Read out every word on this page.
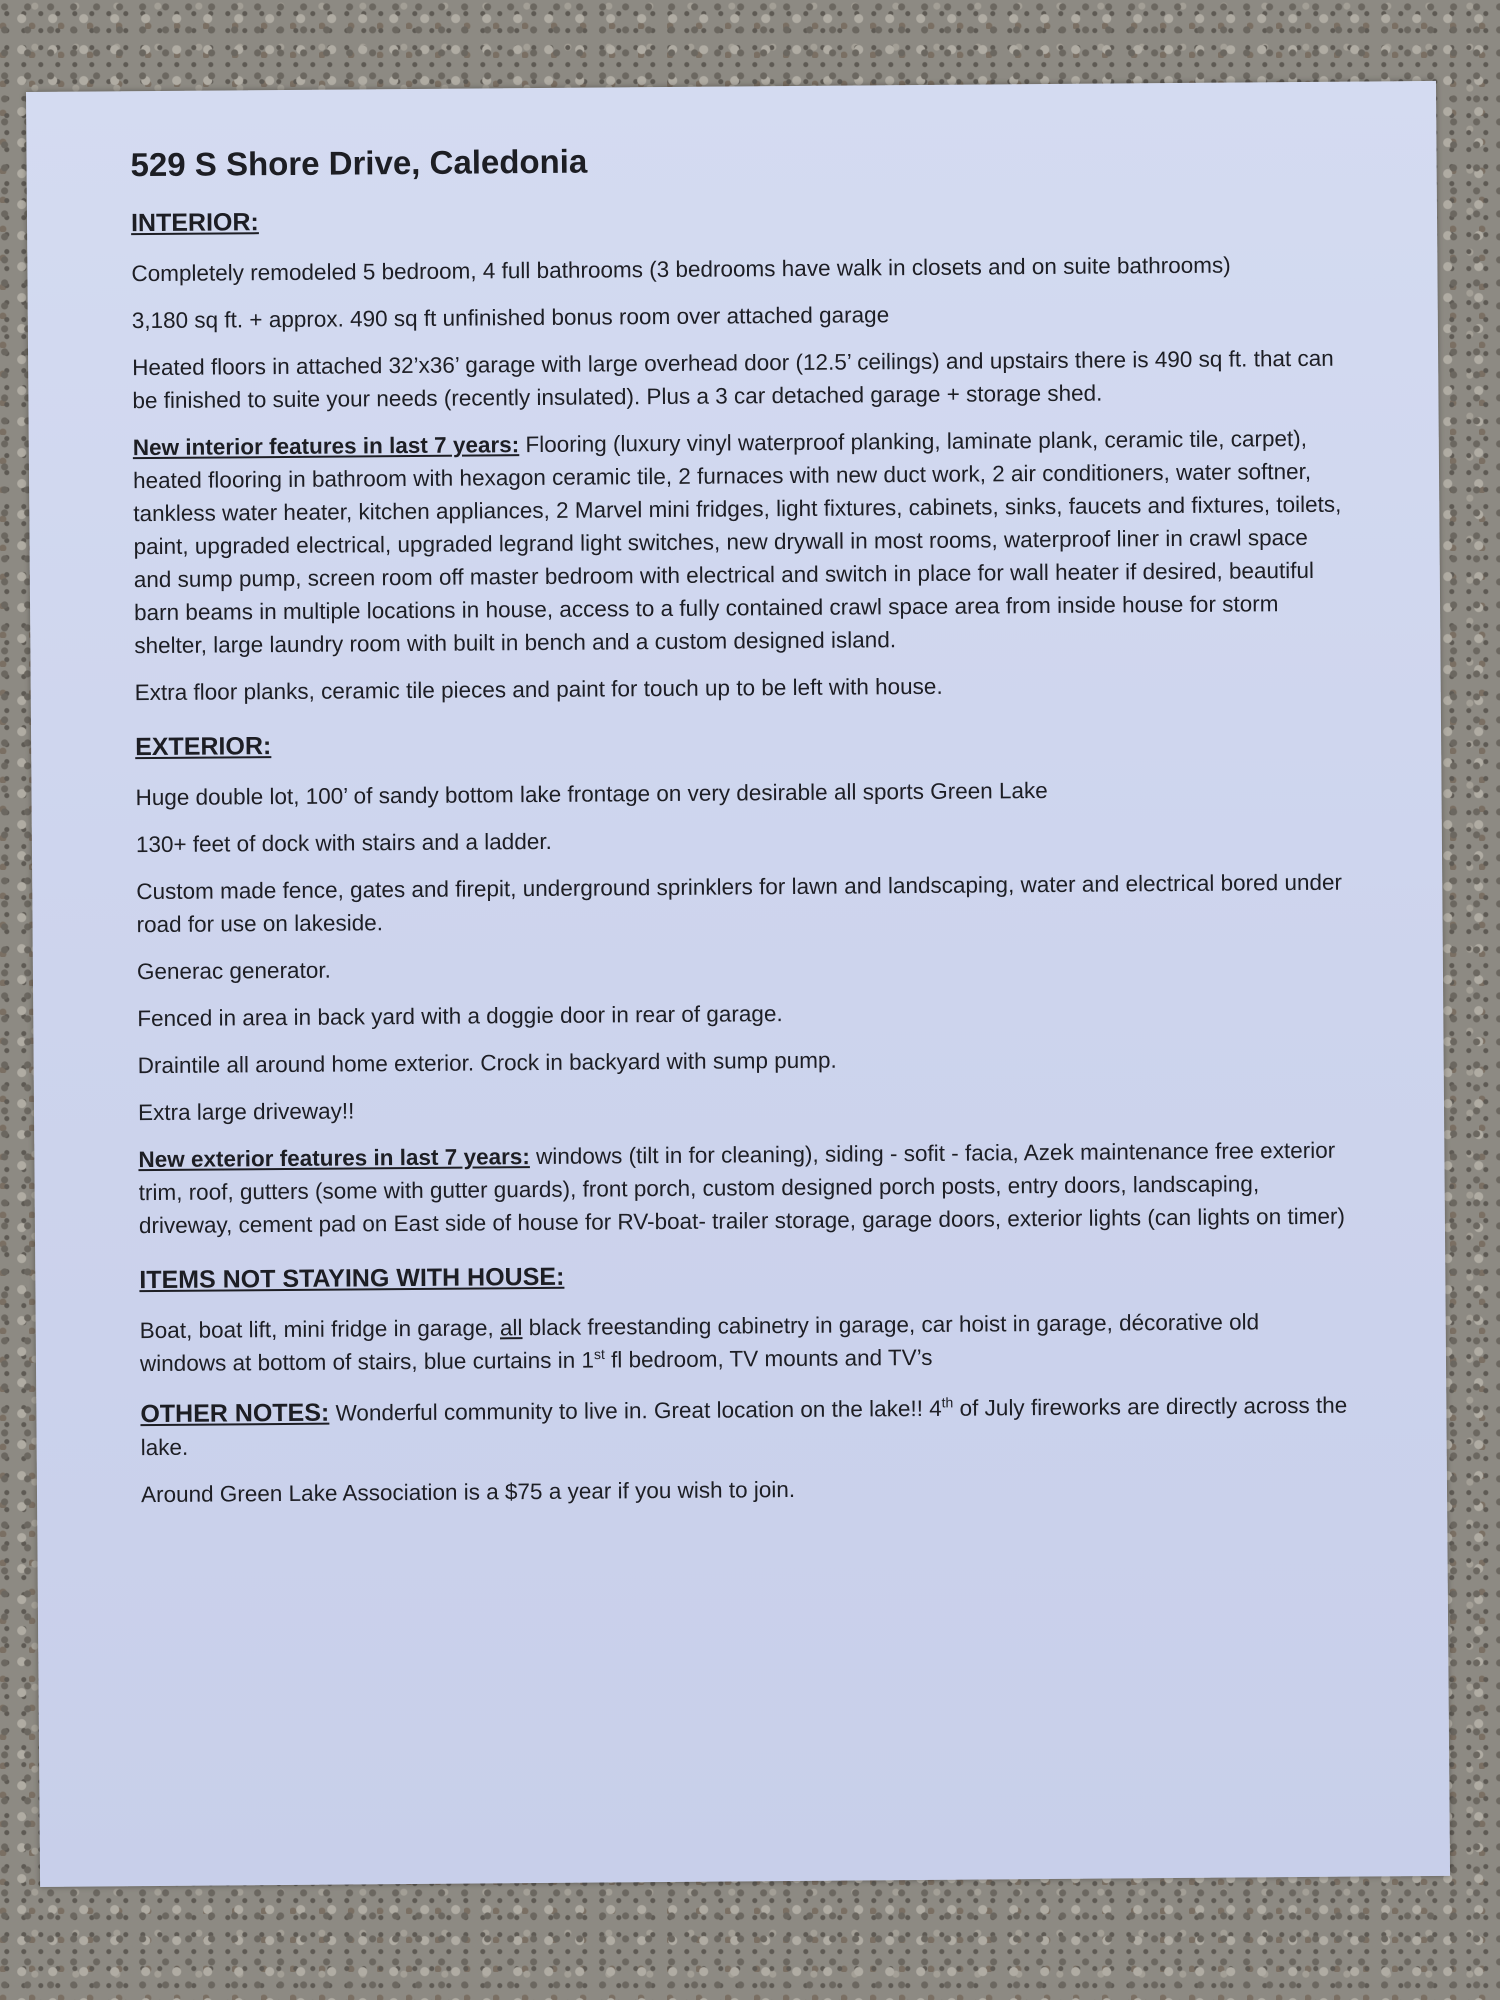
529 S Shore Drive, Caledonia
INTERIOR:
Completely remodeled 5 bedroom, 4 full bathrooms (3 bedrooms have walk in closets and on suite bathrooms)
3,180 sq ft. + approx. 490 sq ft unfinished bonus room over attached garage
Heated floors in attached 32’x36’ garage with large overhead door (12.5’ ceilings) and upstairs there is 490 sq ft. that can be finished to suite your needs (recently insulated). Plus a 3 car detached garage + storage shed.
New interior features in last 7 years: Flooring (luxury vinyl waterproof planking, laminate plank, ceramic tile, carpet), heated flooring in bathroom with hexagon ceramic tile, 2 furnaces with new duct work, 2 air conditioners, water softner, tankless water heater, kitchen appliances, 2 Marvel mini fridges, light fixtures, cabinets, sinks, faucets and fixtures, toilets, paint, upgraded electrical, upgraded legrand light switches, new drywall in most rooms, waterproof liner in crawl space and sump pump, screen room off master bedroom with electrical and switch in place for wall heater if desired, beautiful barn beams in multiple locations in house, access to a fully contained crawl space area from inside house for storm shelter, large laundry room with built in bench and a custom designed island.
Extra floor planks, ceramic tile pieces and paint for touch up to be left with house.
EXTERIOR:
Huge double lot, 100’ of sandy bottom lake frontage on very desirable all sports Green Lake
130+ feet of dock with stairs and a ladder.
Custom made fence, gates and firepit, underground sprinklers for lawn and landscaping, water and electrical bored under road for use on lakeside.
Generac generator.
Fenced in area in back yard with a doggie door in rear of garage.
Draintile all around home exterior. Crock in backyard with sump pump.
Extra large driveway!!
New exterior features in last 7 years: windows (tilt in for cleaning), siding - sofit - facia, Azek maintenance free exterior trim, roof, gutters (some with gutter guards), front porch, custom designed porch posts, entry doors, landscaping, driveway, cement pad on East side of house for RV-boat- trailer storage, garage doors, exterior lights (can lights on timer)
ITEMS NOT STAYING WITH HOUSE:
Boat, boat lift, mini fridge in garage, all black freestanding cabinetry in garage, car hoist in garage, décorative old windows at bottom of stairs, blue curtains in 1st fl bedroom, TV mounts and TV’s
OTHER NOTES: Wonderful community to live in. Great location on the lake!! 4th of July fireworks are directly across the lake.
Around Green Lake Association is a $75 a year if you wish to join.
